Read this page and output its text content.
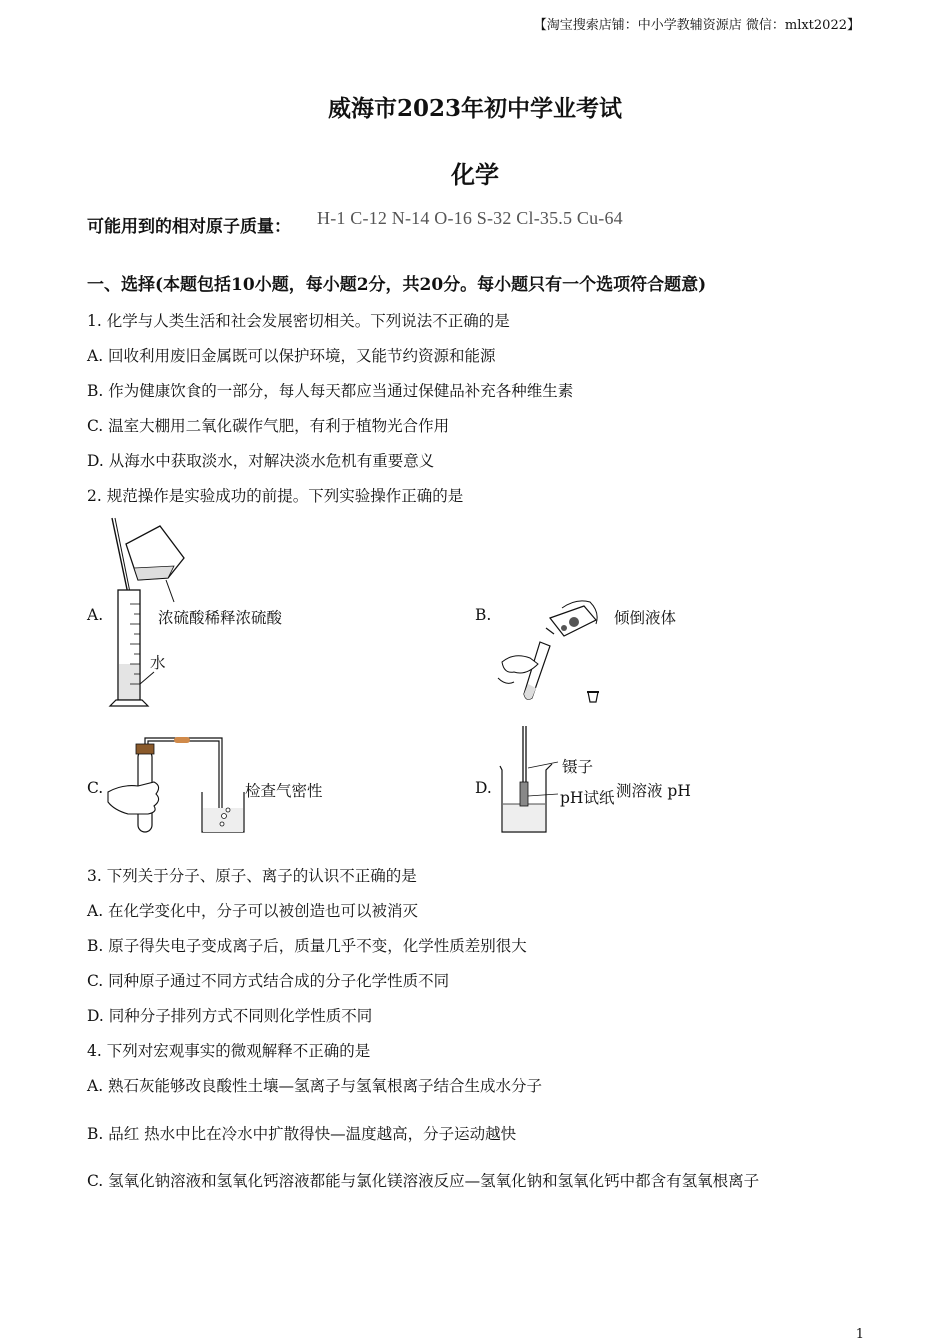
【淘宝搜索店铺：中小学教辅资源店 微信：mlxt2022】
威海市2023年初中学业考试
化学
可能用到的相对原子质量： H-1 C-12 N-14 O-16 S-32 Cl-35.5 Cu-64
一、选择(本题包括10小题，每小题2分，共20分。每小题只有一个选项符合题意)
1. 化学与人类生活和社会发展密切相关。下列说法不正确的是
A. 回收利用废旧金属既可以保护环境，又能节约资源和能源
B. 作为健康饮食的一部分，每人每天都应当通过保健品补充各种维生素
C. 温室大棚用二氧化碳作气肥，有利于植物光合作用
D. 从海水中获取淡水，对解决淡水危机有重要意义
2. 规范操作是实验成功的前提。下列实验操作正确的是
A.
水
浓硫酸稀释浓硫酸	B.	倾倒液体
C.	检查气密性	D.
镊子
pH试纸 测溶液 pH
3. 下列关于分子、原子、离子的认识不正确的是
A. 在化学变化中，分子可以被创造也可以被消灭
B. 原子得失电子变成离子后，质量几乎不变，化学性质差别很大
C. 同种原子通过不同方式结合成的分子化学性质不同
D. 同种分子排列方式不同则化学性质不同
4. 下列对宏观事实的微观解释不正确的是
A. 熟石灰能够改良酸性土壤—氢离子与氢氧根离子结合生成水分子
B. 品红 热水中比在冷水中扩散得快—温度越高，分子运动越快
C. 氢氧化钠溶液和氢氧化钙溶液都能与氯化镁溶液反应—氢氧化钠和氢氧化钙中都含有氢氧根离子
1
